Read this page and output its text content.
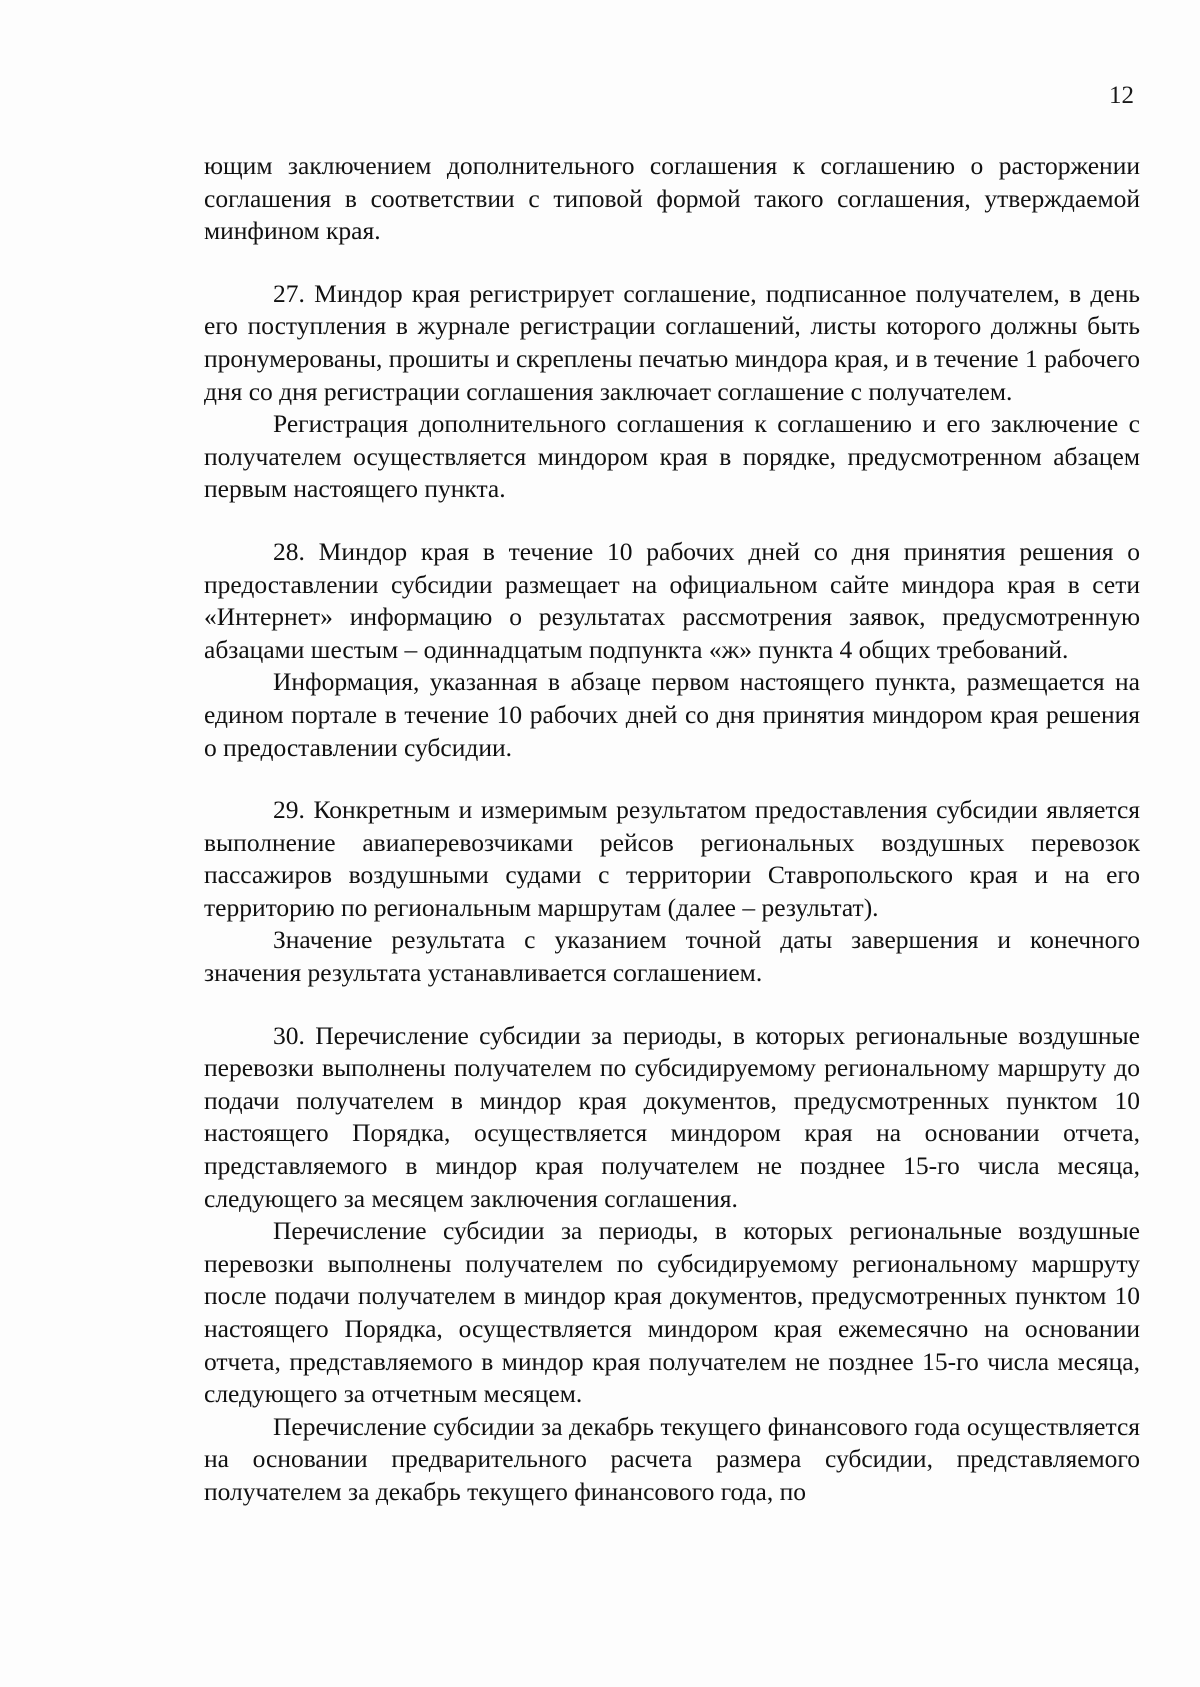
12

ющим заключением дополнительного соглашения к соглашению о расторжении соглашения в соответствии с типовой формой такого соглашения, утверждаемой минфином края.

27. Миндор края регистрирует соглашение, подписанное получателем, в день его поступления в журнале регистрации соглашений, листы которого должны быть пронумерованы, прошиты и скреплены печатью миндора края, и в течение 1 рабочего дня со дня регистрации соглашения заключает соглашение с получателем.

Регистрация дополнительного соглашения к соглашению и его заключение с получателем осуществляется миндором края в порядке, предусмотренном абзацем первым настоящего пункта.

28. Миндор края в течение 10 рабочих дней со дня принятия решения о предоставлении субсидии размещает на официальном сайте миндора края в сети «Интернет» информацию о результатах рассмотрения заявок, предусмотренную абзацами шестым – одиннадцатым подпункта «ж» пункта 4 общих требований.

Информация, указанная в абзаце первом настоящего пункта, размещается на едином портале в течение 10 рабочих дней со дня принятия миндором края решения о предоставлении субсидии.

29. Конкретным и измеримым результатом предоставления субсидии является выполнение авиаперевозчиками рейсов региональных воздушных перевозок пассажиров воздушными судами с территории Ставропольского края и на его территорию по региональным маршрутам (далее – результат).

Значение результата с указанием точной даты завершения и конечного значения результата устанавливается соглашением.

30. Перечисление субсидии за периоды, в которых региональные воздушные перевозки выполнены получателем по субсидируемому региональному маршруту до подачи получателем в миндор края документов, предусмотренных пунктом 10 настоящего Порядка, осуществляется миндором края на основании отчета, представляемого в миндор края получателем не позднее 15-го числа месяца, следующего за месяцем заключения соглашения.

Перечисление субсидии за периоды, в которых региональные воздушные перевозки выполнены получателем по субсидируемому региональному маршруту после подачи получателем в миндор края документов, предусмотренных пунктом 10 настоящего Порядка, осуществляется миндором края ежемесячно на основании отчета, представляемого в миндор края получателем не позднее 15-го числа месяца, следующего за отчетным месяцем.

Перечисление субсидии за декабрь текущего финансового года осуществляется на основании предварительного расчета размера субсидии, представляемого получателем за декабрь текущего финансового года, по
